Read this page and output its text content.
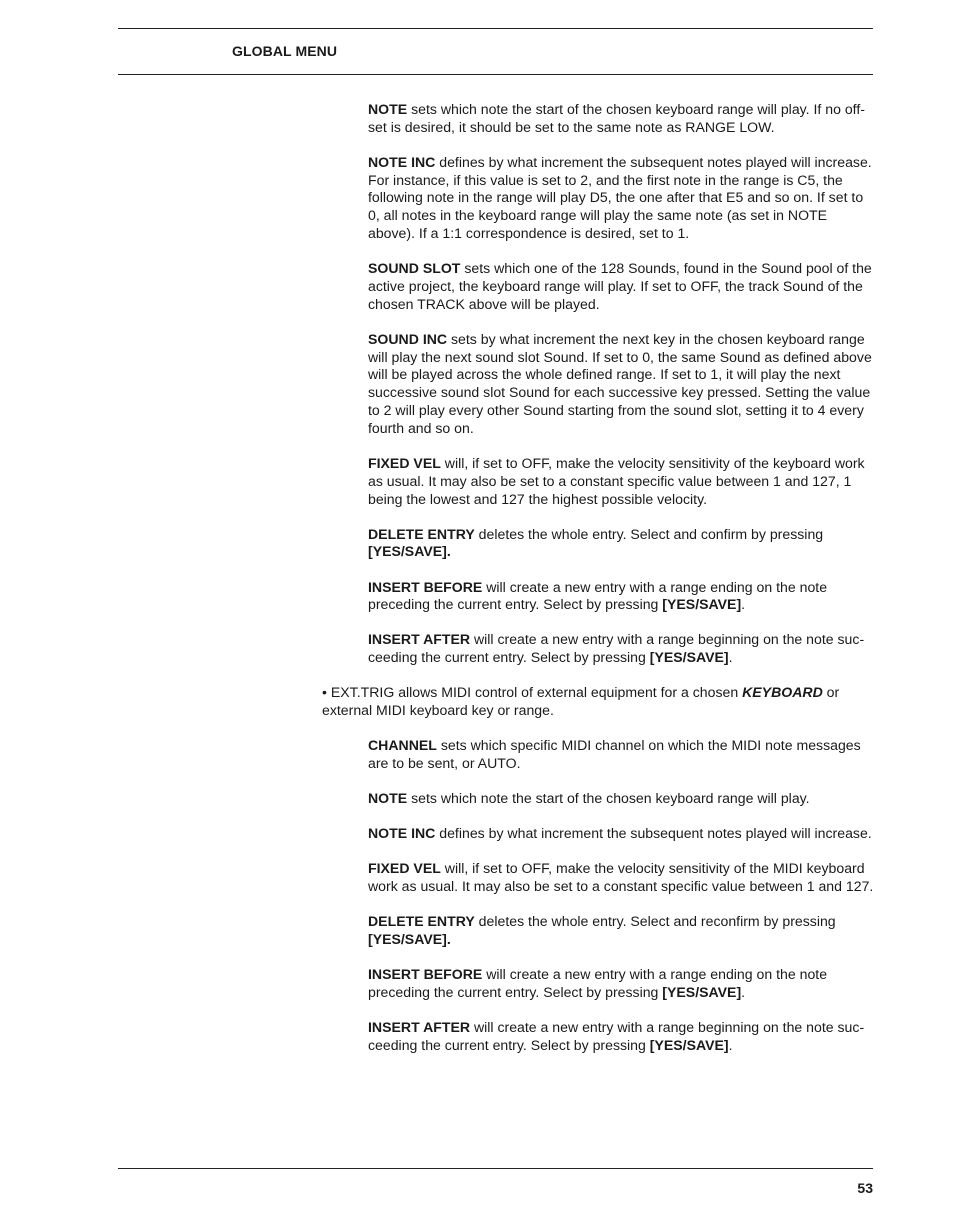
GLOBAL MENU

NOTE sets which note the start of the chosen keyboard range will play. If no off-set is desired, it should be set to the same note as RANGE LOW.

NOTE INC defines by what increment the subsequent notes played will increase. For instance, if this value is set to 2, and the first note in the range is C5, the following note in the range will play D5, the one after that E5 and so on. If set to 0, all notes in the keyboard range will play the same note (as set in NOTE above). If a 1:1 correspondence is desired, set to 1.

SOUND SLOT sets which one of the 128 Sounds, found in the Sound pool of the active project, the keyboard range will play. If set to OFF, the track Sound of the chosen TRACK above will be played.

SOUND INC sets by what increment the next key in the chosen keyboard range will play the next sound slot Sound. If set to 0, the same Sound as defined above will be played across the whole defined range. If set to 1, it will play the next successive sound slot Sound for each successive key pressed. Setting the value to 2 will play every other Sound starting from the sound slot, setting it to 4 every fourth and so on.

FIXED VEL will, if set to OFF, make the velocity sensitivity of the keyboard work as usual. It may also be set to a constant specific value between 1 and 127, 1 being the lowest and 127 the highest possible velocity.

DELETE ENTRY deletes the whole entry. Select and confirm by pressing [YES/SAVE].

INSERT BEFORE will create a new entry with a range ending on the note preceding the current entry. Select by pressing [YES/SAVE].

INSERT AFTER will create a new entry with a range beginning on the note suc-ceeding the current entry. Select by pressing [YES/SAVE].

• EXT.TRIG allows MIDI control of external equipment for a chosen KEYBOARD or external MIDI keyboard key or range.

CHANNEL sets which specific MIDI channel on which the MIDI note messages are to be sent, or AUTO.

NOTE sets which note the start of the chosen keyboard range will play.

NOTE INC defines by what increment the subsequent notes played will increase.

FIXED VEL will, if set to OFF, make the velocity sensitivity of the MIDI keyboard work as usual. It may also be set to a constant specific value between 1 and 127.

DELETE ENTRY deletes the whole entry. Select and reconfirm by pressing [YES/SAVE].

INSERT BEFORE will create a new entry with a range ending on the note preceding the current entry. Select by pressing [YES/SAVE].

INSERT AFTER will create a new entry with a range beginning on the note suc-ceeding the current entry. Select by pressing [YES/SAVE].

53
